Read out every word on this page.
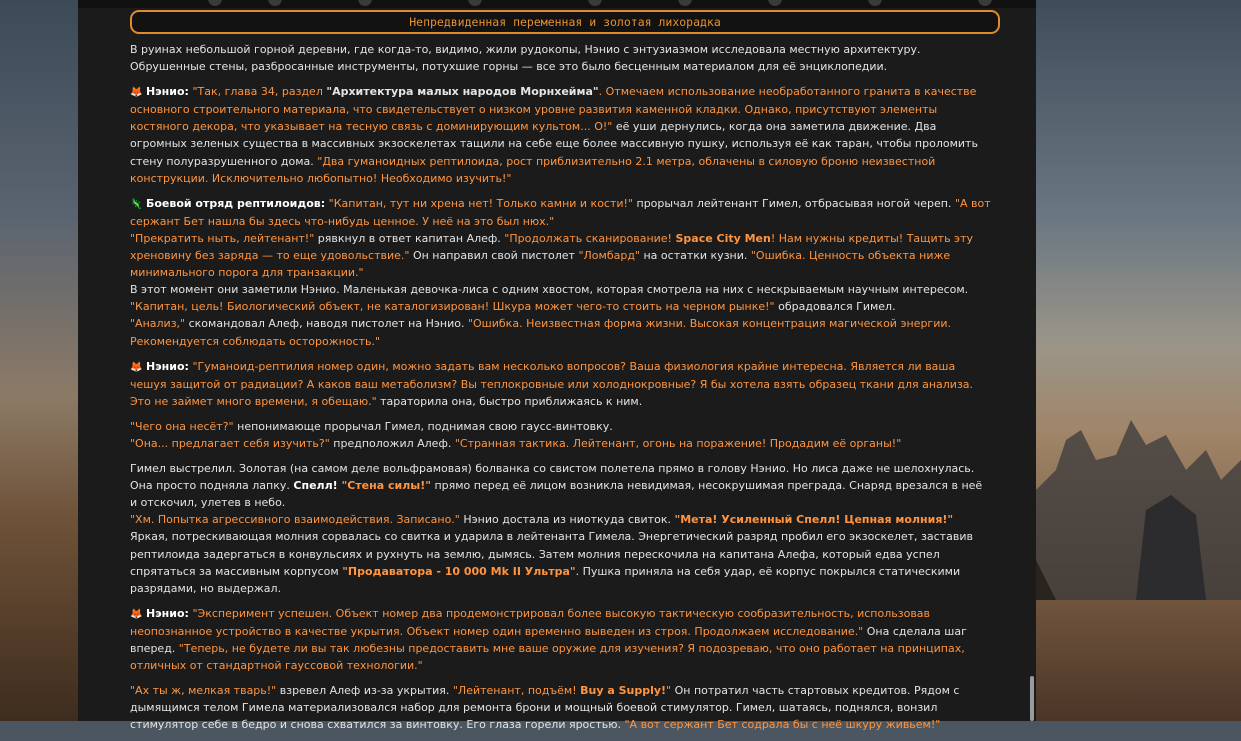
Непредвиденная переменная и золотая лихорадка

В руинах небольшой горной деревни, где когда-то, видимо, жили рудокопы, Нэнио с энтузиазмом исследовала местную архитектуру. Обрушенные стены, разбросанные инструменты, потухшие горны — все это было бесценным материалом для её энциклопедии.

🦊 Нэнио: "Так, глава 34, раздел "Архитектура малых народов Морнхейма". Отмечаем использование необработанного гранита в качестве основного строительного материала, что свидетельствует о низком уровне развития каменной кладки. Однако, присутствуют элементы костяного декора, что указывает на тесную связь с доминирующим культом... О!" её уши дернулись, когда она заметила движение. Два огромных зеленых существа в массивных экзоскелетах тащили на себе еще более массивную пушку, используя её как таран, чтобы проломить стену полуразрушенного дома. "Два гуманоидных рептилоида, рост приблизительно 2.1 метра, облачены в силовую броню неизвестной конструкции. Исключительно любопытно! Необходимо изучить!"

🦎 Боевой отряд рептилоидов: "Капитан, тут ни хрена нет! Только камни и кости!" прорычал лейтенант Гимел, отбрасывая ногой череп. "А вот сержант Бет нашла бы здесь что-нибудь ценное. У неё на это был нюх."
"Прекратить ныть, лейтенант!" рявкнул в ответ капитан Алеф. "Продолжать сканирование! Space City Men! Нам нужны кредиты! Тащить эту хреновину без заряда — то еще удовольствие." Он направил свой пистолет "Ломбард" на остатки кузни. "Ошибка. Ценность объекта ниже минимального порога для транзакции."
В этот момент они заметили Нэнио. Маленькая девочка-лиса с одним хвостом, которая смотрела на них с нескрываемым научным интересом.
"Капитан, цель! Биологический объект, не каталогизирован! Шкура может чего-то стоить на черном рынке!" обрадовался Гимел.
"Анализ," скомандовал Алеф, наводя пистолет на Нэнио. "Ошибка. Неизвестная форма жизни. Высокая концентрация магической энергии. Рекомендуется соблюдать осторожность."

🦊 Нэнио: "Гуманоид-рептилия номер один, можно задать вам несколько вопросов? Ваша физиология крайне интересна. Является ли ваша чешуя защитой от радиации? А каков ваш метаболизм? Вы теплокровные или холоднокровные? Я бы хотела взять образец ткани для анализа. Это не займет много времени, я обещаю." тараторила она, быстро приближаясь к ним.

"Чего она несёт?" непонимающе прорычал Гимел, поднимая свою гаусс-винтовку.
"Она... предлагает себя изучить?" предположил Алеф. "Странная тактика. Лейтенант, огонь на поражение! Продадим её органы!"

Гимел выстрелил. Золотая (на самом деле вольфрамовая) болванка со свистом полетела прямо в голову Нэнио. Но лиса даже не шелохнулась. Она просто подняла лапку. Спелл! "Стена силы!" прямо перед её лицом возникла невидимая, несокрушимая преграда. Снаряд врезался в неё и отскочил, улетев в небо.
"Хм. Попытка агрессивного взаимодействия. Записано." Нэнио достала из ниоткуда свиток. "Мета! Усиленный Спелл! Цепная молния!"
Яркая, потрескивающая молния сорвалась со свитка и ударила в лейтенанта Гимела. Энергетический разряд пробил его экзоскелет, заставив рептилоида задергаться в конвульсиях и рухнуть на землю, дымясь. Затем молния перескочила на капитана Алефа, который едва успел спрятаться за массивным корпусом "Продаватора - 10 000 Mk II Ультра". Пушка приняла на себя удар, её корпус покрылся статическими разрядами, но выдержал.

🦊 Нэнио: "Эксперимент успешен. Объект номер два продемонстрировал более высокую тактическую сообразительность, использовав неопознанное устройство в качестве укрытия. Объект номер один временно выведен из строя. Продолжаем исследование." Она сделала шаг вперед. "Теперь, не будете ли вы так любезны предоставить мне ваше оружие для изучения? Я подозреваю, что оно работает на принципах, отличных от стандартной гауссовой технологии."

"Ах ты ж, мелкая тварь!" взревел Алеф из-за укрытия. "Лейтенант, подъём! Buy a Supply!" Он потратил часть стартовых кредитов. Рядом с дымящимся телом Гимела материализовался набор для ремонта брони и мощный боевой стимулятор. Гимел, шатаясь, поднялся, вонзил стимулятор себе в бедро и снова схватился за винтовку. Его глаза горели яростью. "А вот сержант Бет содрала бы с неё шкуру живьем!"
